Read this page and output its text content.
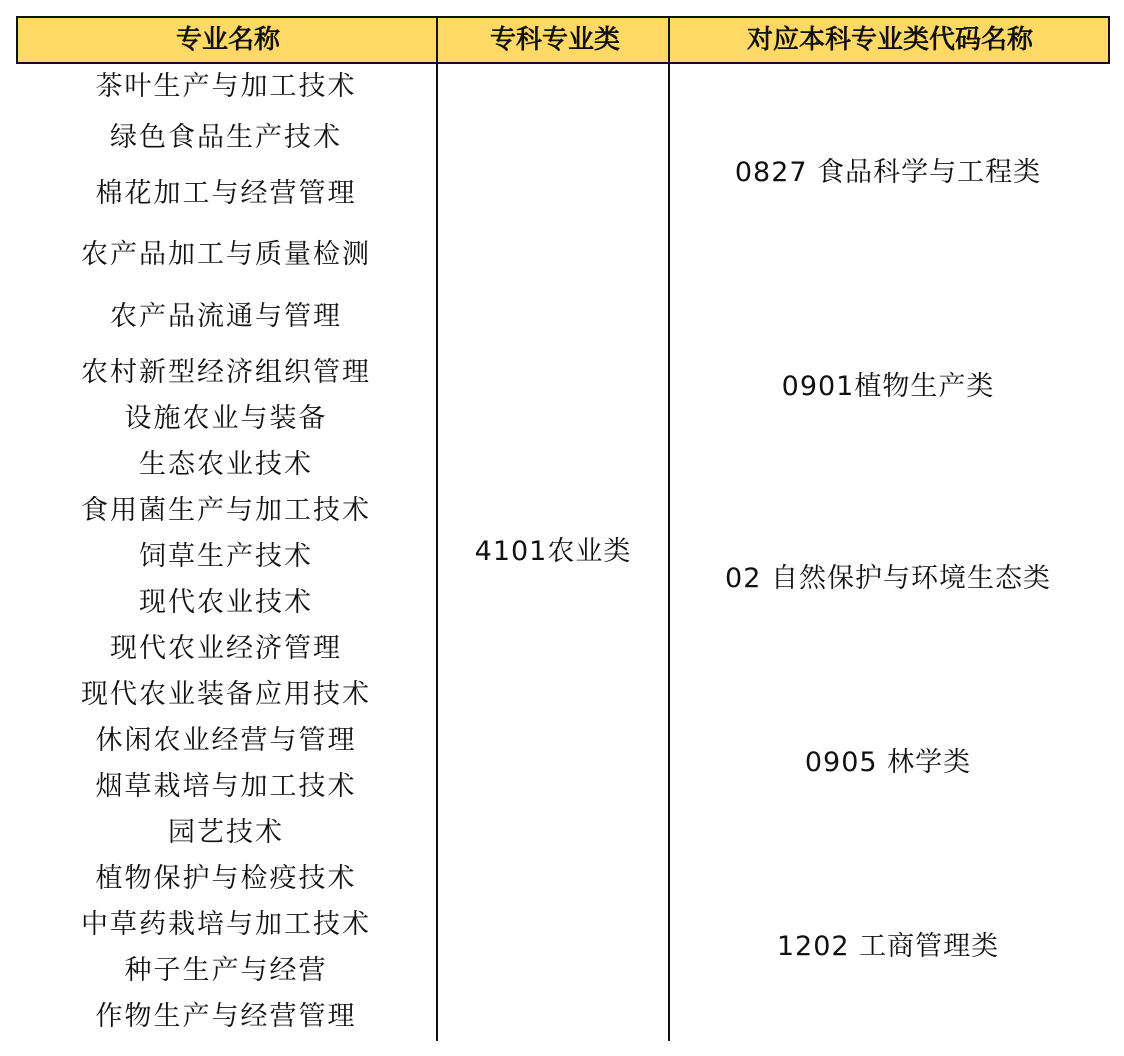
专业名称	专科专业类	对应本科专业类代码名称
茶叶生产与加工技术
绿色食品生产技术
棉花加工与经营管理
农产品加工与质量检测
农产品流通与管理
农村新型经济组织管理
设施农业与装备
生态农业技术
食用菌生产与加工技术
饲草生产技术
现代农业技术
现代农业经济管理
现代农业装备应用技术
休闲农业经营与管理
烟草栽培与加工技术
园艺技术
植物保护与检疫技术
中草药栽培与加工技术
种子生产与经营
作物生产与经营管理
4101农业类
0827 食品科学与工程类
0901植物生产类
02 自然保护与环境生态类
0905 林学类
1202 工商管理类
